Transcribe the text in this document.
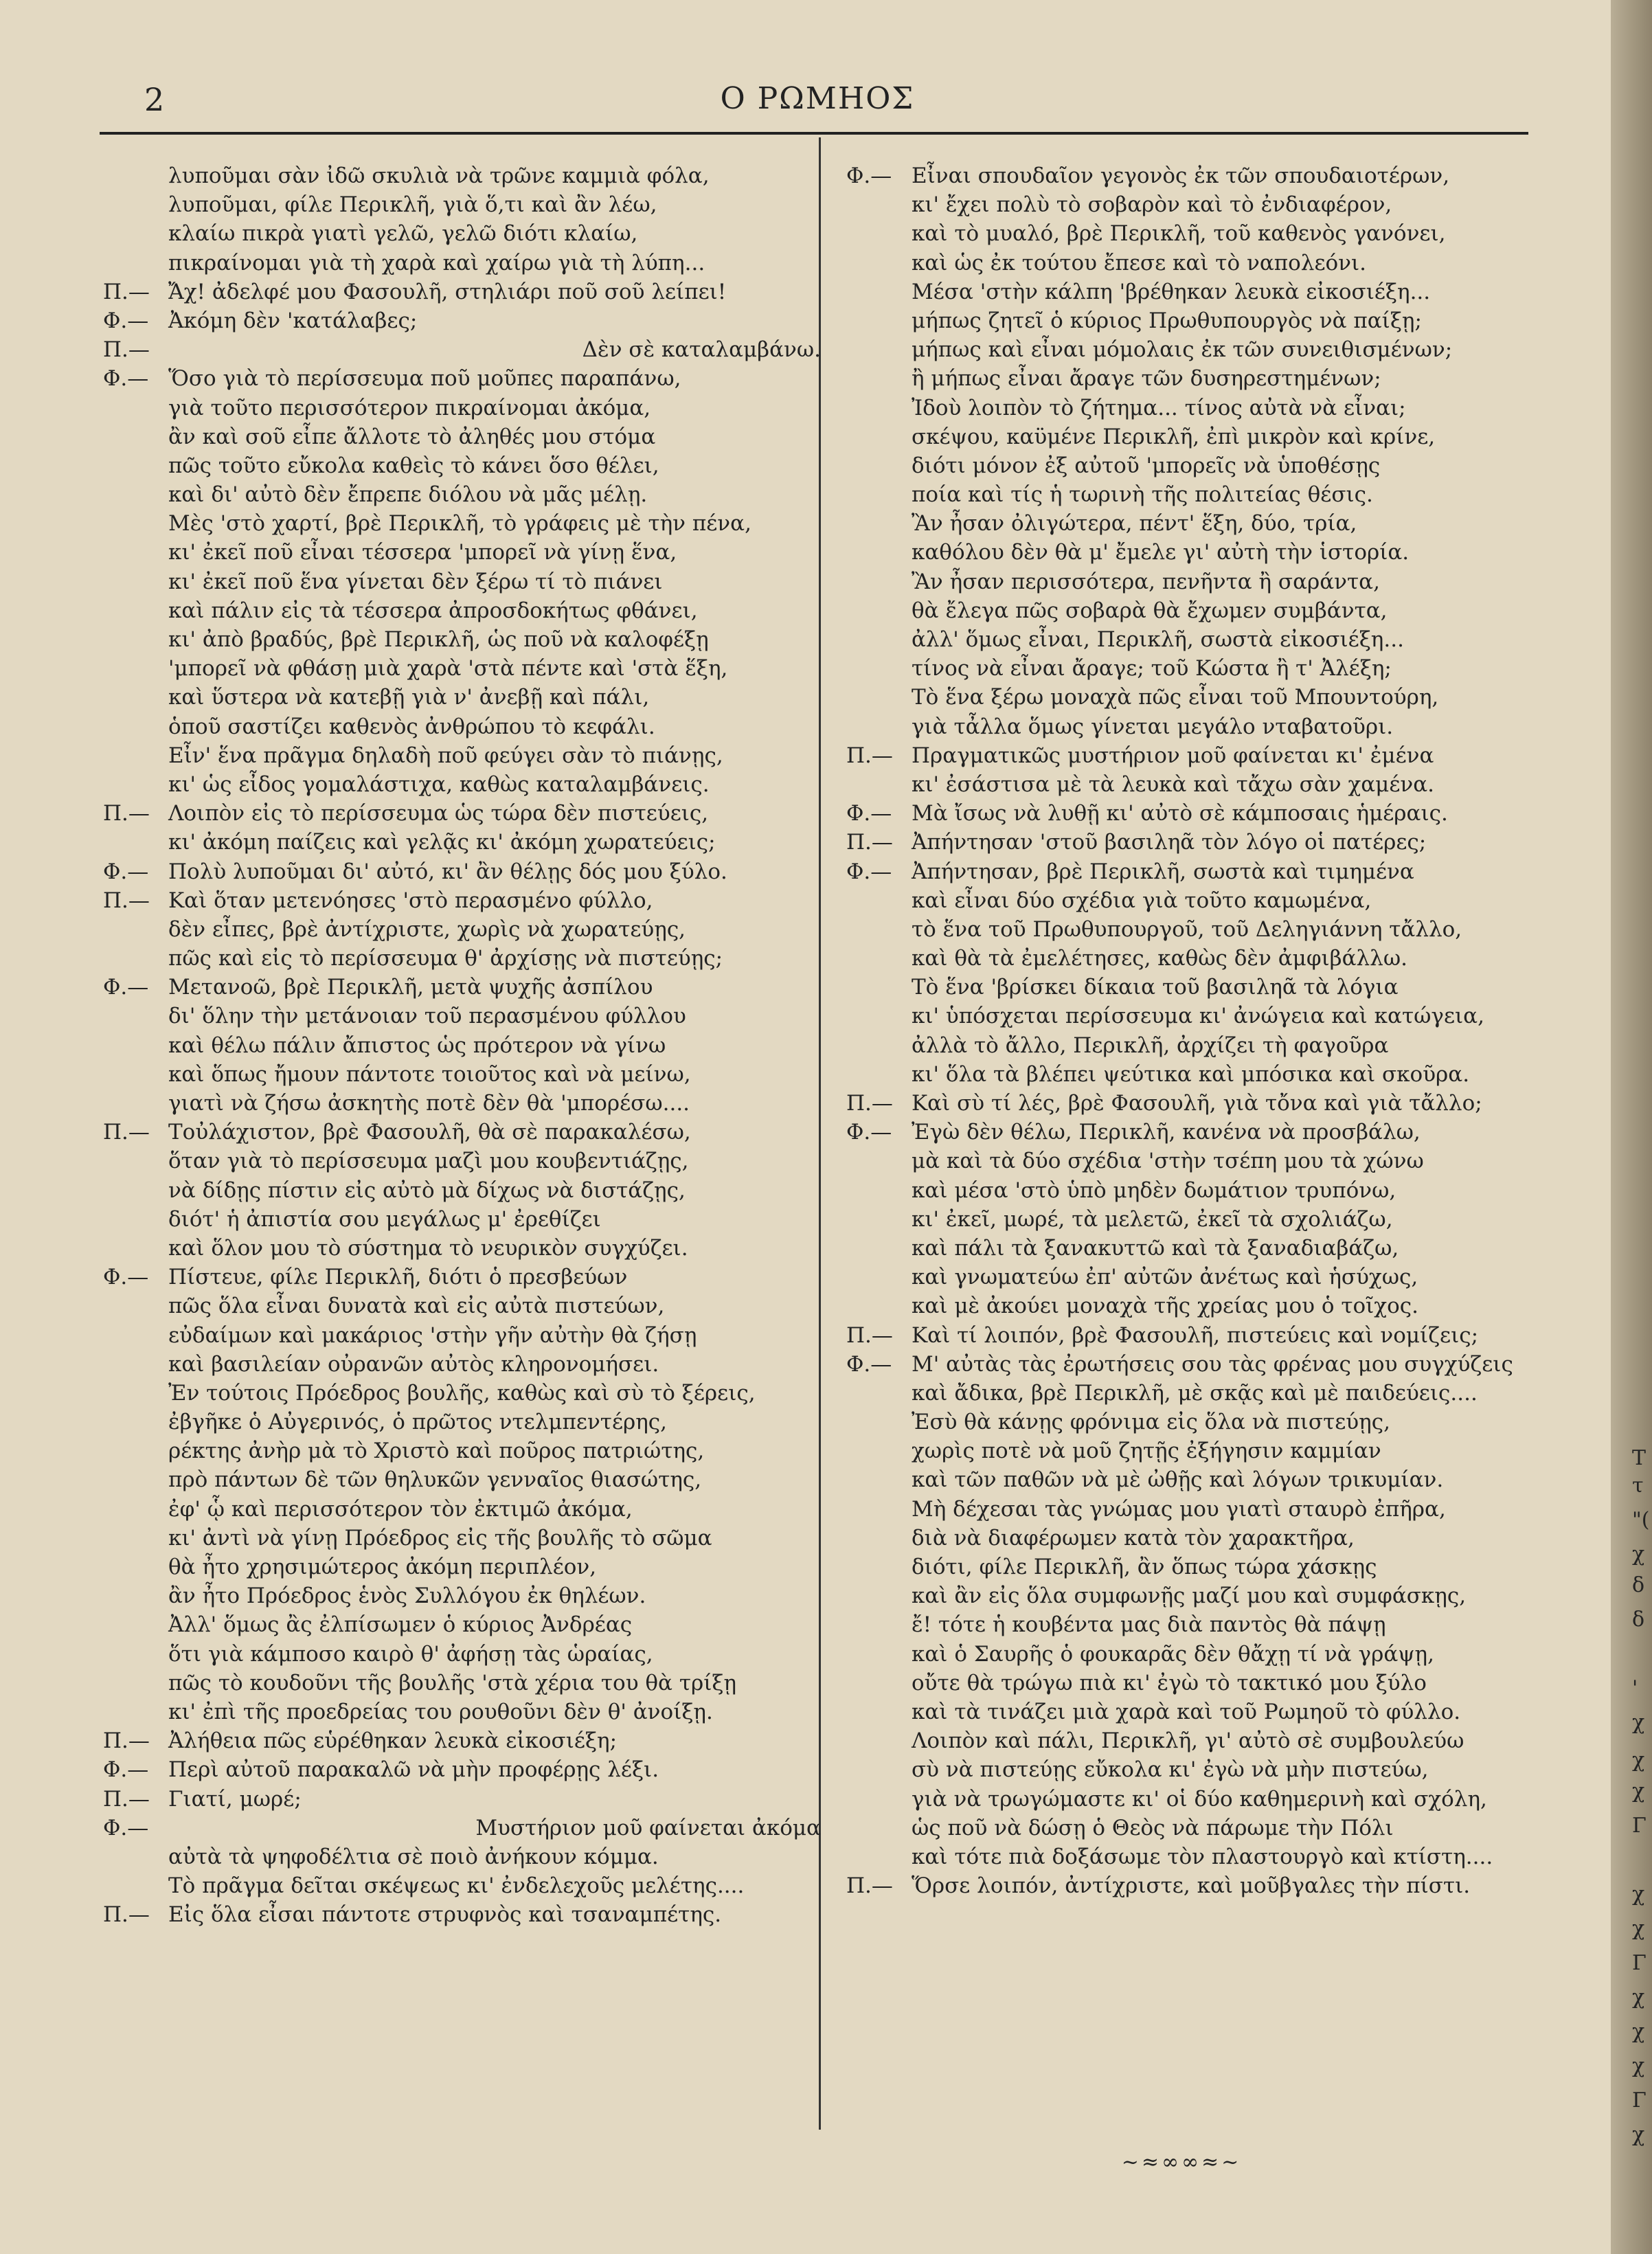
2	Ο ΡΩΜΗΟΣ
λυποῦμαι σὰν ἰδῶ σκυλιὰ νὰ τρῶνε καμμιὰ φόλα,
λυποῦμαι, φίλε Περικλῆ, γιὰ ὅ,τι καὶ ἂν λέω,
κλαίω πικρὰ γιατὶ γελῶ, γελῶ διότι κλαίω,
πικραίνομαι γιὰ τὴ χαρὰ καὶ χαίρω γιὰ τὴ λύπη...
Π.— Ἄχ! ἀδελφέ μου Φασουλῆ, στηλιάρι ποῦ σοῦ λείπει!
Φ.— Ἀκόμη δὲν 'κατάλαβες;
Π.—	Δὲν σὲ καταλαμβάνω.
Φ.— Ὅσο γιὰ τὸ περίσσευμα ποῦ μοῦπες παραπάνω,
γιὰ τοῦτο περισσότερον πικραίνομαι ἀκόμα,
ἂν καὶ σοῦ εἶπε ἄλλοτε τὸ ἀληθές μου στόμα
πῶς τοῦτο εὔκολα καθεὶς τὸ κάνει ὅσο θέλει,
καὶ δι' αὐτὸ δὲν ἔπρεπε διόλου νὰ μᾶς μέλῃ.
Μὲς 'στὸ χαρτί, βρὲ Περικλῆ, τὸ γράφεις μὲ τὴν πένα,
κι' ἐκεῖ ποῦ εἶναι τέσσερα 'μπορεῖ νὰ γίνῃ ἕνα,
κι' ἐκεῖ ποῦ ἕνα γίνεται δὲν ξέρω τί τὸ πιάνει
καὶ πάλιν εἰς τὰ τέσσερα ἀπροσδοκήτως φθάνει,
κι' ἀπὸ βραδύς, βρὲ Περικλῆ, ὡς ποῦ νὰ καλοφέξῃ
'μπορεῖ νὰ φθάσῃ μιὰ χαρὰ 'στὰ πέντε καὶ 'στὰ ἕξη,
καὶ ὕστερα νὰ κατεβῇ γιὰ ν' ἀνεβῇ καὶ πάλι,
ὁποῦ σαστίζει καθενὸς ἀνθρώπου τὸ κεφάλι.
Εἶν' ἕνα πρᾶγμα δηλαδὴ ποῦ φεύγει σὰν τὸ πιάνῃς,
κι' ὡς εἶδος γομαλάστιχα, καθὼς καταλαμβάνεις.
Π.— Λοιπὸν εἰς τὸ περίσσευμα ὡς τώρα δὲν πιστεύεις,
κι' ἀκόμη παίζεις καὶ γελᾷς κι' ἀκόμη χωρατεύεις;
Φ.— Πολὺ λυποῦμαι δι' αὐτό, κι' ἂν θέλῃς δός μου ξύλο.
Π.— Καὶ ὅταν μετενόησες 'στὸ περασμένο φύλλο,
δὲν εἶπες, βρὲ ἀντίχριστε, χωρὶς νὰ χωρατεύῃς,
πῶς καὶ εἰς τὸ περίσσευμα θ' ἀρχίσῃς νὰ πιστεύῃς;
Φ.— Μετανοῶ, βρὲ Περικλῆ, μετὰ ψυχῆς ἀσπίλου
δι' ὅλην τὴν μετάνοιαν τοῦ περασμένου φύλλου
καὶ θέλω πάλιν ἄπιστος ὡς πρότερον νὰ γίνω
καὶ ὅπως ἤμουν πάντοτε τοιοῦτος καὶ νὰ μείνω,
γιατὶ νὰ ζήσω ἀσκητὴς ποτὲ δὲν θὰ 'μπορέσω....
Π.— Τοὐλάχιστον, βρὲ Φασουλῆ, θὰ σὲ παρακαλέσω,
ὅταν γιὰ τὸ περίσσευμα μαζὶ μου κουβεντιάζῃς,
νὰ δίδῃς πίστιν εἰς αὐτὸ μὰ δίχως νὰ διστάζῃς,
διότ' ἡ ἀπιστία σου μεγάλως μ' ἐρεθίζει
καὶ ὅλον μου τὸ σύστημα τὸ νευρικὸν συγχύζει.
Φ.— Πίστευε, φίλε Περικλῆ, διότι ὁ πρεσβεύων
πῶς ὅλα εἶναι δυνατὰ καὶ εἰς αὐτὰ πιστεύων,
εὐδαίμων καὶ μακάριος 'στὴν γῆν αὐτὴν θὰ ζήσῃ
καὶ βασιλείαν οὐρανῶν αὐτὸς κληρονομήσει.
Ἐν τούτοις Πρόεδρος βουλῆς, καθὼς καὶ σὺ τὸ ξέρεις,
ἐβγῆκε ὁ Αὐγερινός, ὁ πρῶτος ντελμπεντέρης,
ρέκτης ἀνὴρ μὰ τὸ Χριστὸ καὶ ποῦρος πατριώτης,
πρὸ πάντων δὲ τῶν θηλυκῶν γενναῖος θιασώτης,
ἐφ' ᾧ καὶ περισσότερον τὸν ἐκτιμῶ ἀκόμα,
κι' ἀντὶ νὰ γίνῃ Πρόεδρος εἰς τῆς βουλῆς τὸ σῶμα
θὰ ἦτο χρησιμώτερος ἀκόμη περιπλέον,
ἂν ἦτο Πρόεδρος ἑνὸς Συλλόγου ἐκ θηλέων.
Ἀλλ' ὅμως ἂς ἐλπίσωμεν ὁ κύριος Ἀνδρέας
ὅτι γιὰ κάμποσο καιρὸ θ' ἀφήσῃ τὰς ὡραίας,
πῶς τὸ κουδοῦνι τῆς βουλῆς 'στὰ χέρια του θὰ τρίξῃ
κι' ἐπὶ τῆς προεδρείας του ρουθοῦνι δὲν θ' ἀνοίξῃ.
Π.— Ἀλήθεια πῶς εὑρέθηκαν λευκὰ εἰκοσιέξη;
Φ.— Περὶ αὐτοῦ παρακαλῶ νὰ μὴν προφέρῃς λέξι.
Π.— Γιατί, μωρέ;
Φ.—	Μυστήριον μοῦ φαίνεται ἀκόμα
αὐτὰ τὰ ψηφοδέλτια σὲ ποιὸ ἀνήκουν κόμμα.
Τὸ πρᾶγμα δεῖται σκέψεως κι' ἐνδελεχοῦς μελέτης....
Π.— Εἰς ὅλα εἶσαι πάντοτε στρυφνὸς καὶ τσαναμπέτης.
Φ.— Εἶναι σπουδαῖον γεγονὸς ἐκ τῶν σπουδαιοτέρων,
κι' ἔχει πολὺ τὸ σοβαρὸν καὶ τὸ ἐνδιαφέρον,
καὶ τὸ μυαλό, βρὲ Περικλῆ, τοῦ καθενὸς γανόνει,
καὶ ὡς ἐκ τούτου ἔπεσε καὶ τὸ ναπολεόνι.
Μέσα 'στὴν κάλπη 'βρέθηκαν λευκὰ εἰκοσιέξη...
μήπως ζητεῖ ὁ κύριος Πρωθυπουργὸς νὰ παίξῃ;
μήπως καὶ εἶναι μόμολαις ἐκ τῶν συνειθισμένων;
ἢ μήπως εἶναι ἄραγε τῶν δυσηρεστημένων;
Ἰδοὺ λοιπὸν τὸ ζήτημα... τίνος αὐτὰ νὰ εἶναι;
σκέψου, καϋμένε Περικλῆ, ἐπὶ μικρὸν καὶ κρίνε,
διότι μόνον ἐξ αὐτοῦ 'μπορεῖς νὰ ὑποθέσῃς
ποία καὶ τίς ἡ τωρινὴ τῆς πολιτείας θέσις.
Ἂν ἦσαν ὀλιγώτερα, πέντ' ἕξη, δύο, τρία,
καθόλου δὲν θὰ μ' ἔμελε γι' αὐτὴ τὴν ἱστορία.
Ἂν ἦσαν περισσότερα, πενῆντα ἢ σαράντα,
θὰ ἔλεγα πῶς σοβαρὰ θὰ ἔχωμεν συμβάντα,
ἀλλ' ὅμως εἶναι, Περικλῆ, σωστὰ εἰκοσιέξη...
τίνος νὰ εἶναι ἄραγε; τοῦ Κώστα ἢ τ' Ἀλέξη;
Τὸ ἕνα ξέρω μοναχὰ πῶς εἶναι τοῦ Μπουντούρη,
γιὰ τἆλλα ὅμως γίνεται μεγάλο νταβατοῦρι.
Π.— Πραγματικῶς μυστήριον μοῦ φαίνεται κι' ἐμένα
κι' ἐσάστισα μὲ τὰ λευκὰ καὶ τἄχω σὰν χαμένα.
Φ.— Μὰ ἴσως νὰ λυθῇ κι' αὐτὸ σὲ κάμποσαις ἡμέραις.
Π.— Ἀπήντησαν 'στοῦ βασιληᾶ τὸν λόγο οἱ πατέρες;
Φ.— Ἀπήντησαν, βρὲ Περικλῆ, σωστὰ καὶ τιμημένα
καὶ εἶναι δύο σχέδια γιὰ τοῦτο καμωμένα,
τὸ ἕνα τοῦ Πρωθυπουργοῦ, τοῦ Δεληγιάννη τἄλλο,
καὶ θὰ τὰ ἐμελέτησες, καθὼς δὲν ἀμφιβάλλω.
Τὸ ἕνα 'βρίσκει δίκαια τοῦ βασιληᾶ τὰ λόγια
κι' ὑπόσχεται περίσσευμα κι' ἀνώγεια καὶ κατώγεια,
ἀλλὰ τὸ ἄλλο, Περικλῆ, ἀρχίζει τὴ φαγοῦρα
κι' ὅλα τὰ βλέπει ψεύτικα καὶ μπόσικα καὶ σκοῦρα.
Π.— Καὶ σὺ τί λές, βρὲ Φασουλῆ, γιὰ τὄνα καὶ γιὰ τἄλλο;
Φ.— Ἐγὼ δὲν θέλω, Περικλῆ, κανένα νὰ προσβάλω,
μὰ καὶ τὰ δύο σχέδια 'στὴν τσέπη μου τὰ χώνω
καὶ μέσα 'στὸ ὑπὸ μηδὲν δωμάτιον τρυπόνω,
κι' ἐκεῖ, μωρέ, τὰ μελετῶ, ἐκεῖ τὰ σχολιάζω,
καὶ πάλι τὰ ξανακυττῶ καὶ τὰ ξαναδιαβάζω,
καὶ γνωματεύω ἐπ' αὐτῶν ἀνέτως καὶ ἡσύχως,
καὶ μὲ ἀκούει μοναχὰ τῆς χρείας μου ὁ τοῖχος.
Π.— Καὶ τί λοιπόν, βρὲ Φασουλῆ, πιστεύεις καὶ νομίζεις;
Φ.— Μ' αὐτὰς τὰς ἐρωτήσεις σου τὰς φρένας μου συγχύζεις
καὶ ἄδικα, βρὲ Περικλῆ, μὲ σκᾷς καὶ μὲ παιδεύεις....
Ἐσὺ θὰ κάνῃς φρόνιμα εἰς ὅλα νὰ πιστεύῃς,
χωρὶς ποτὲ νὰ μοῦ ζητῇς ἐξήγησιν καμμίαν
καὶ τῶν παθῶν νὰ μὲ ὠθῇς καὶ λόγων τρικυμίαν.
Μὴ δέχεσαι τὰς γνώμας μου γιατὶ σταυρὸ ἐπῆρα,
διὰ νὰ διαφέρωμεν κατὰ τὸν χαρακτῆρα,
διότι, φίλε Περικλῆ, ἂν ὅπως τώρα χάσκῃς
καὶ ἂν εἰς ὅλα συμφωνῇς μαζί μου καὶ συμφάσκῃς,
ἔ! τότε ἡ κουβέντα μας διὰ παντὸς θὰ πάψῃ
καὶ ὁ Σαυρῆς ὁ φουκαρᾶς δὲν θἄχῃ τί νὰ γράψῃ,
οὔτε θὰ τρώγω πιὰ κι' ἐγὼ τὸ τακτικό μου ξύλο
καὶ τὰ τινάζει μιὰ χαρὰ καὶ τοῦ Ρωμηοῦ τὸ φύλλο.
Λοιπὸν καὶ πάλι, Περικλῆ, γι' αὐτὸ σὲ συμβουλεύω
σὺ νὰ πιστεύῃς εὔκολα κι' ἐγὼ νὰ μὴν πιστεύω,
γιὰ νὰ τρωγώμαστε κι' οἱ δύο καθημερινὴ καὶ σχόλη,
ὡς ποῦ νὰ δώσῃ ὁ Θεὸς νὰ πάρωμε τὴν Πόλι
καὶ τότε πιὰ δοξάσωμε τὸν πλαστουργὸ καὶ κτίστη....
Π.— Ὅρσε λοιπόν, ἀντίχριστε, καὶ μοῦβγαλες τὴν πίστι.
~≈∞∞≈~
Τ
τ
"(
χ
δ
δ
'
χ
χ
χ
Γ
χ
χ
Γ
χ
χ
χ
Γ
χ
